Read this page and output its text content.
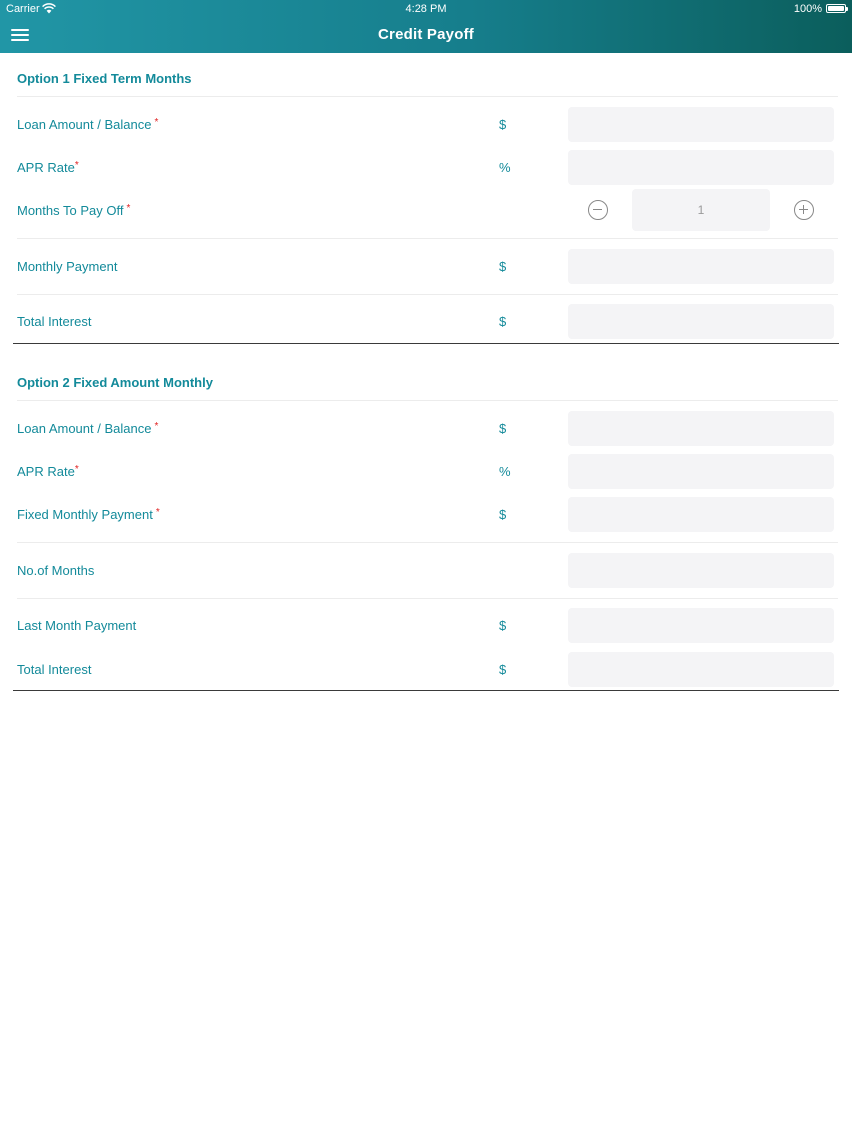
Carrier	4:28 PM	100%
Credit Payoff
Option 1 Fixed Term Months
Loan Amount / Balance *	$
APR Rate*	%
Months To Pay Off *	1
Monthly Payment	$
Total Interest	$
Option 2 Fixed Amount Monthly
Loan Amount / Balance *	$
APR Rate*	%
Fixed Monthly Payment *	$
No.of Months
Last Month Payment	$
Total Interest	$
